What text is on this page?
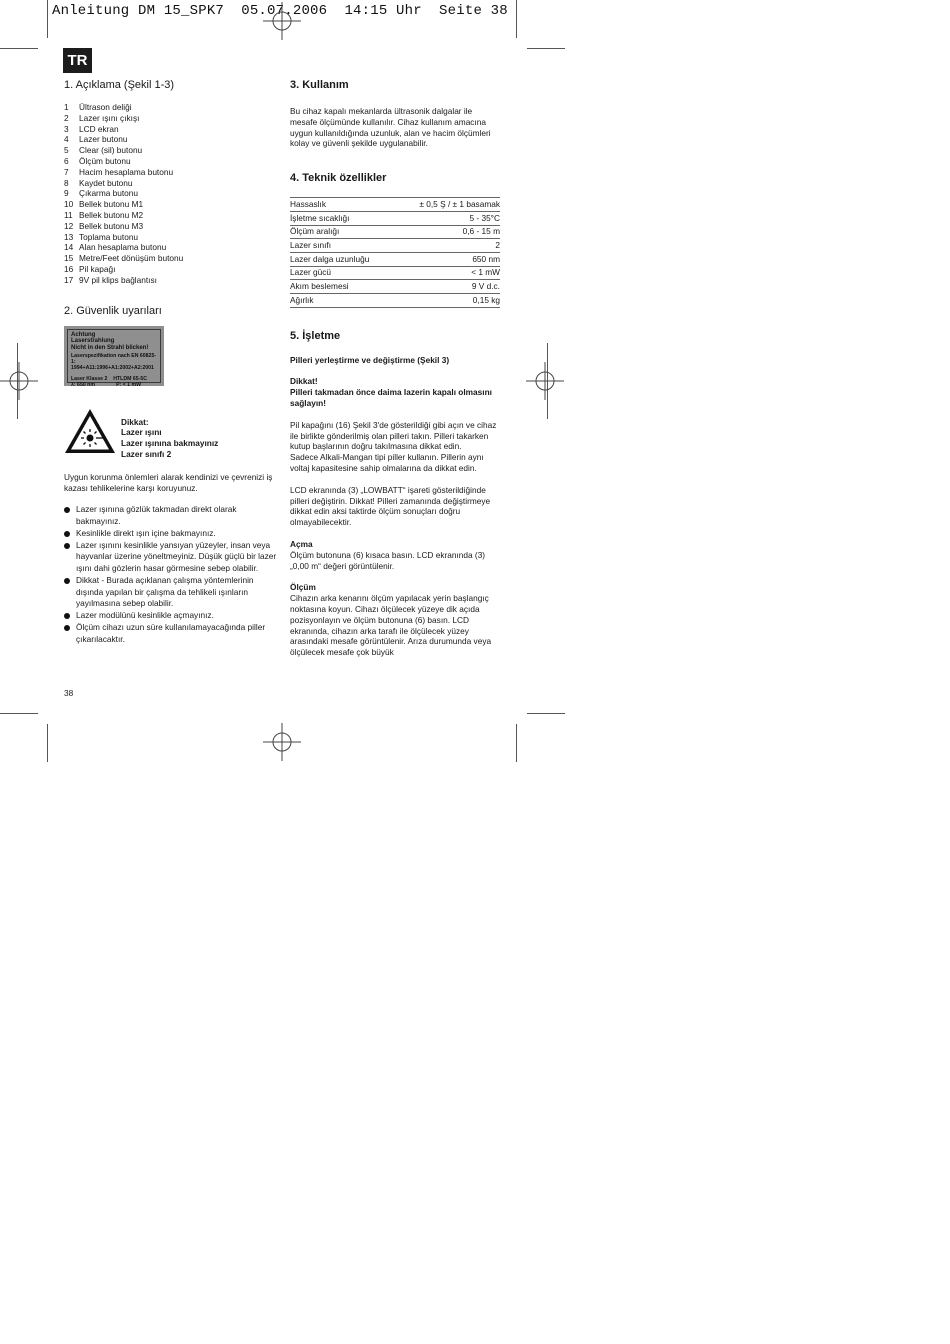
Anleitung DM 15_SPK7  05.07.2006  14:15 Uhr  Seite 38
TR
1. Açıklama (Şekil 1-3)
1	Ültrason deliği
2	Lazer ışını çıkışı
3	LCD ekran
4	Lazer butonu
5	Clear (sil) butonu
6	Ölçüm butonu
7	Hacim hesaplama butonu
8	Kaydet butonu
9	Çıkarma butonu
10 Bellek butonu M1
11 Bellek butonu M2
12 Bellek butonu M3
13 Toplama butonu
14 Alan hesaplama butonu
15 Metre/Feet dönüşüm butonu
16 Pil kapağı
17 9V pil klips bağlantısı
2. Güvenlik uyarıları
Achtung
Laserstrahlung
Nicht in den Strahl blicken!
Laserspezifikation nach EN 60825-1:
1994+A11:1996+A1:2002+A2:2001
Laser Klasse 2 HTLDM 65-5C
λ: 650 nm	P: < 1 mW
Dikkat:
Lazer ışını
Lazer ışınına bakmayınız
Lazer sınıfı 2

Uygun korunma önlemleri alarak kendinizi ve çevrenizi iş kazası tehlikelerine karşı koruyunuz.

Lazer ışınına gözlük takmadan direkt olarak bakmayınız.
Kesinlikle direkt ışın içine bakmayınız.
Lazer ışınını kesinlikle yansıyan yüzeyler, insan veya hayvanlar üzerine yöneltmeyiniz. Düşük güçlü bir lazer ışını dahi gözlerin hasar görmesine sebep olabilir.
Dikkat - Burada açıklanan çalışma yöntemlerinin dışında yapılan bir çalışma da tehlikeli ışınların yayılmasına sebep olabilir.
Lazer modülünü kesinlikle açmayınız.
Ölçüm cihazı uzun süre kullanılamayacağında piller çıkarılacaktır.
3. Kullanım

Bu cihaz kapalı mekanlarda ültrasonik dalgalar ile mesafe ölçümünde kullanılır. Cihaz kullanım amacına uygun kullanıldığında uzunluk, alan ve hacim ölçümleri kolay ve güvenli şekilde uygulanabilir.

4. Teknik özellikler
Hassaslık	± 0,5 Ş / ± 1 basamak
İşletme sıcaklığı	5 - 35°C
Ölçüm aralığı	0,6 - 15 m
Lazer sınıfı	2
Lazer dalga uzunluğu	650 nm
Lazer gücü	< 1 mW
Akım beslemesi	9 V d.c.
Ağırlık	0,15 kg
5. İşletme

Pilleri yerleştirme ve değiştirme (Şekil 3)

Dikkat!

Pilleri takmadan önce daima lazerin kapalı olmasını sağlayın!

Pil kapağını (16) Şekil 3'de gösterildiği gibi açın ve cihaz ile birlikte gönderilmiş olan pilleri takın. Pilleri takarken kutup başlarının doğru takılmasına dikkat edin.

Sadece Alkali-Mangan tipi piller kullanın. Pillerin aynı voltaj kapasitesine sahip olmalarına da dikkat edin.

LCD ekranında (3) „LOWBATT“ işareti gösterildiğinde pilleri değiştirin. Dikkat! Pilleri zamanında değiştirmeye dikkat edin aksi taktirde ölçüm sonuçları doğru olmayabilecektir.

Açma

Ölçüm butonuna (6) kısaca basın. LCD ekranında (3) „0,00 m“ değeri görüntülenir.

Ölçüm

Cihazın arka kenarını ölçüm yapılacak yerin başlangıç noktasına koyun. Cihazı ölçülecek yüzeye dik açıda pozisyonlayın ve ölçüm butonuna (6) basın. LCD ekranında, cihazın arka tarafı ile ölçülecek yüzey arasındaki mesafe görüntülenir. Arıza durumunda veya ölçülecek mesafe çok büyük

38
